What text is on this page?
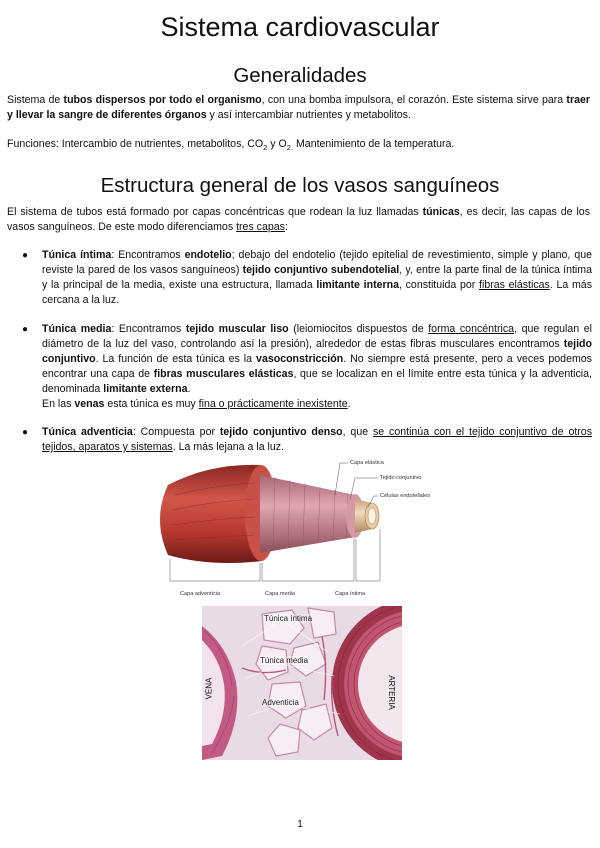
Sistema cardiovascular
Generalidades

Sistema de tubos dispersos por todo el organismo, con una bomba impulsora, el corazón. Este sistema sirve para traer y llevar la sangre de diferentes órganos y así intercambiar nutrientes y metabolitos.

Funciones: Intercambio de nutrientes, metabolitos, $CO_2$ y $O_{2.}$ Mantenimiento de la temperatura.

Estructura general de los vasos sanguíneos

El sistema de tubos está formado por capas concéntricas que rodean la luz llamadas túnicas, es decir, las capas de los vasos sanguíneos. De este modo diferenciamos tres capas:

●	Túnica íntima: Encontramos endotelio; debajo del endotelio (tejido epitelial de revestimiento, simple y plano, que reviste la pared de los vasos sanguíneos) tejido conjuntivo subendotelial, y, entre la parte final de la túnica íntima y la principal de la media, existe una estructura, llamada limitante interna, constituida por fibras elásticas. La más cercana a la luz.

●	Túnica media: Encontramos tejido muscular liso (leiomiocitos dispuestos de forma concéntrica, que regulan el diámetro de la luz del vaso, controlando así la presión), alrededor de estas fibras musculares encontramos tejido conjuntivo. La función de esta túnica es la vasoconstricción. No siempre está presente, pero a veces podemos encontrar una capa de fibras musculares elásticas, que se localizan en el límite entre esta túnica y la adventicia, denominada limitante externa.
En las venas esta túnica es muy fina o prácticamente inexistente.

●	Túnica adventicia: Compuesta por tejido conjuntivo denso, que se continúa con el tejido conjuntivo de otros tejidos, aparatos y sistemas. La más lejana a la luz.

Capa elástica
Tejido conjuntivo
Células endoteliales
Capa adventicia	Capa media	Capa íntima
Túnica íntima
Túnica media
Adventicia
VENA	ARTERIA
1
